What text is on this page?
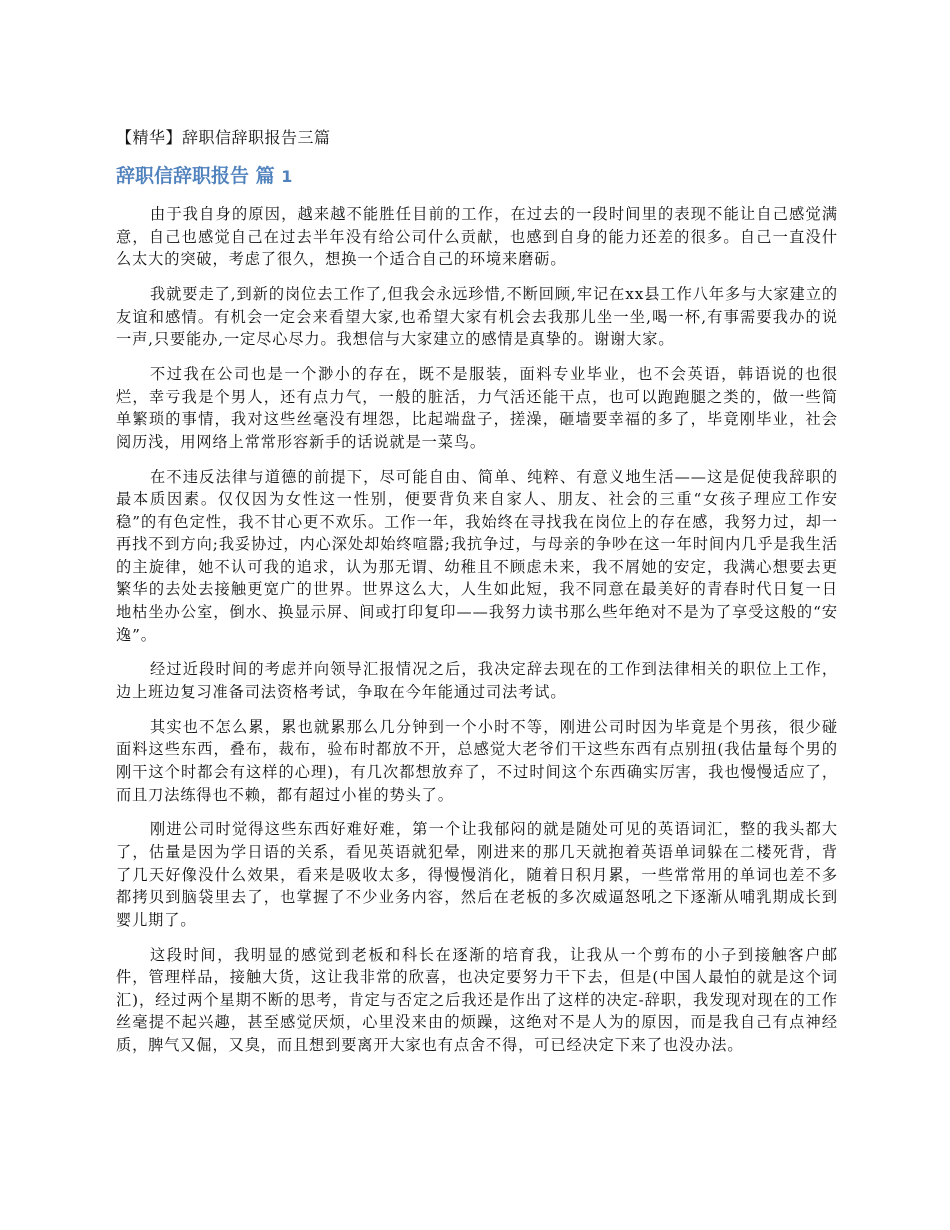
【精华】辞职信辞职报告三篇
辞职信辞职报告 篇 1

由于我自身的原因，越来越不能胜任目前的工作，在过去的一段时间里的表现不能让自己感觉满意，自己也感觉自己在过去半年没有给公司什么贡献，也感到自身的能力还差的很多。自己一直没什么太大的突破，考虑了很久，想换一个适合自己的环境来磨砺。

我就要走了,到新的岗位去工作了,但我会永远珍惜,不断回顾,牢记在xx县工作八年多与大家建立的友谊和感情。有机会一定会来看望大家,也希望大家有机会去我那儿坐一坐,喝一杯,有事需要我办的说一声,只要能办,一定尽心尽力。我想信与大家建立的感情是真挚的。谢谢大家。

不过我在公司也是一个渺小的存在，既不是服装，面料专业毕业，也不会英语，韩语说的也很烂，幸亏我是个男人，还有点力气，一般的脏活，力气活还能干点，也可以跑跑腿之类的，做一些简单繁琐的事情，我对这些丝毫没有埋怨，比起端盘子，搓澡，砸墙要幸福的多了，毕竟刚毕业，社会阅历浅，用网络上常常形容新手的话说就是一菜鸟。

在不违反法律与道德的前提下，尽可能自由、简单、纯粹、有意义地生活——这是促使我辞职的最本质因素。仅仅因为女性这一性别，便要背负来自家人、朋友、社会的三重“女孩子理应工作安稳”的有色定性，我不甘心更不欢乐。工作一年，我始终在寻找我在岗位上的存在感，我努力过，却一再找不到方向;我妥协过，内心深处却始终喧嚣;我抗争过，与母亲的争吵在这一年时间内几乎是我生活的主旋律，她不认可我的追求，认为那无谓、幼稚且不顾虑未来，我不屑她的安定，我满心想要去更繁华的去处去接触更宽广的世界。世界这么大，人生如此短，我不同意在最美好的青春时代日复一日地枯坐办公室，倒水、换显示屏、间或打印复印——我努力读书那么些年绝对不是为了享受这般的“安逸”。

经过近段时间的考虑并向领导汇报情况之后，我决定辞去现在的工作到法律相关的职位上工作，边上班边复习准备司法资格考试，争取在今年能通过司法考试。

其实也不怎么累，累也就累那么几分钟到一个小时不等，刚进公司时因为毕竟是个男孩，很少碰面料这些东西，叠布，裁布，验布时都放不开，总感觉大老爷们干这些东西有点别扭(我估量每个男的刚干这个时都会有这样的心理)，有几次都想放弃了，不过时间这个东西确实厉害，我也慢慢适应了，而且刀法练得也不赖，都有超过小崔的势头了。

刚进公司时觉得这些东西好难好难，第一个让我郁闷的就是随处可见的英语词汇，整的我头都大了，估量是因为学日语的关系，看见英语就犯晕，刚进来的那几天就抱着英语单词躲在二楼死背，背了几天好像没什么效果，看来是吸收太多，得慢慢消化，随着日积月累，一些常常用的单词也差不多都拷贝到脑袋里去了，也掌握了不少业务内容，然后在老板的多次威逼怒吼之下逐渐从哺乳期成长到婴儿期了。

这段时间，我明显的感觉到老板和科长在逐渐的培育我，让我从一个剪布的小子到接触客户邮件，管理样品，接触大货，这让我非常的欣喜，也决定要努力干下去，但是(中国人最怕的就是这个词汇)，经过两个星期不断的思考，肯定与否定之后我还是作出了这样的决定-辞职，我发现对现在的工作丝毫提不起兴趣，甚至感觉厌烦，心里没来由的烦躁，这绝对不是人为的原因，而是我自己有点神经质，脾气又倔，又臭，而且想到要离开大家也有点舍不得，可已经决定下来了也没办法。
